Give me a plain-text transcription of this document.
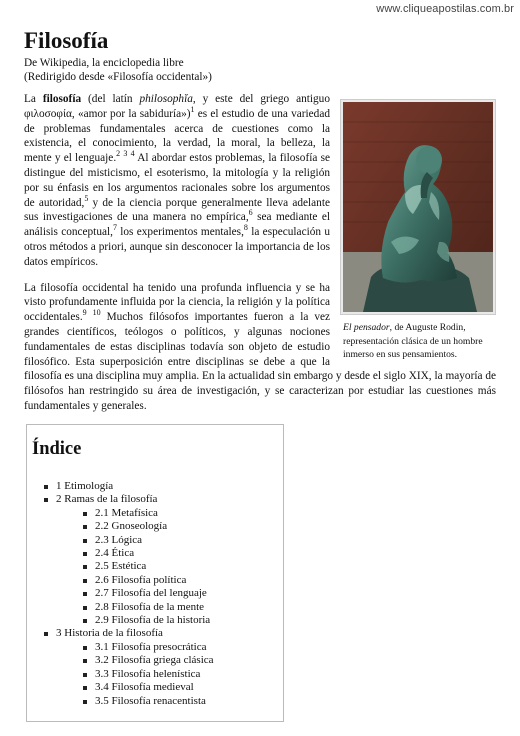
www.cliqueapostilas.com.br
Filosofía
De Wikipedia, la enciclopedia libre
(Redirigido desde «Filosofía occidental»)
El pensador, de Auguste Rodin, representación clásica de un hombre inmerso en sus pensamientos.

La filosofía (del latín philosophĭa, y este del griego antiguo φιλοσοφία, «amor por la sabiduría»)$^1$ es el estudio de una variedad de problemas fundamentales acerca de cuestiones como la existencia, el conocimiento, la verdad, la moral, la belleza, la mente y el lenguaje.$^2$ $^3$ $^4$ Al abordar estos problemas, la filosofía se distingue del misticismo, el esoterismo, la mitología y la religión por su énfasis en los argumentos racionales sobre los argumentos de autoridad,$^5$ y de la ciencia porque generalmente lleva adelante sus investigaciones de una manera no empírica,$^6$ sea mediante el análisis conceptual,$^7$ los experimentos mentales,$^8$ la especulación u otros métodos a priori, aunque sin desconocer la importancia de los datos empíricos.

La filosofía occidental ha tenido una profunda influencia y se ha visto profundamente influida por la ciencia, la religión y la política occidentales.$^9$ $^{10}$ Muchos filósofos importantes fueron a la vez grandes científicos, teólogos o políticos, y algunas nociones fundamentales de estas disciplinas todavía son objeto de estudio filosófico. Esta superposición entre disciplinas se debe a que la filosofía es una disciplina muy amplia. En la actualidad sin embargo y desde el siglo XIX, la mayoría de filósofos han restringido su área de investigación, y se caracterizan por estudiar las cuestiones más fundamentales y generales.

Índice
1 Etimología
2 Ramas de la filosofía
2.1 Metafísica
2.2 Gnoseología
2.3 Lógica
2.4 Ética
2.5 Estética
2.6 Filosofía política
2.7 Filosofía del lenguaje
2.8 Filosofía de la mente
2.9 Filosofía de la historia
3 Historia de la filosofía
3.1 Filosofía presocrática
3.2 Filosofía griega clásica
3.3 Filosofía helenística
3.4 Filosofía medieval
3.5 Filosofía renacentista
